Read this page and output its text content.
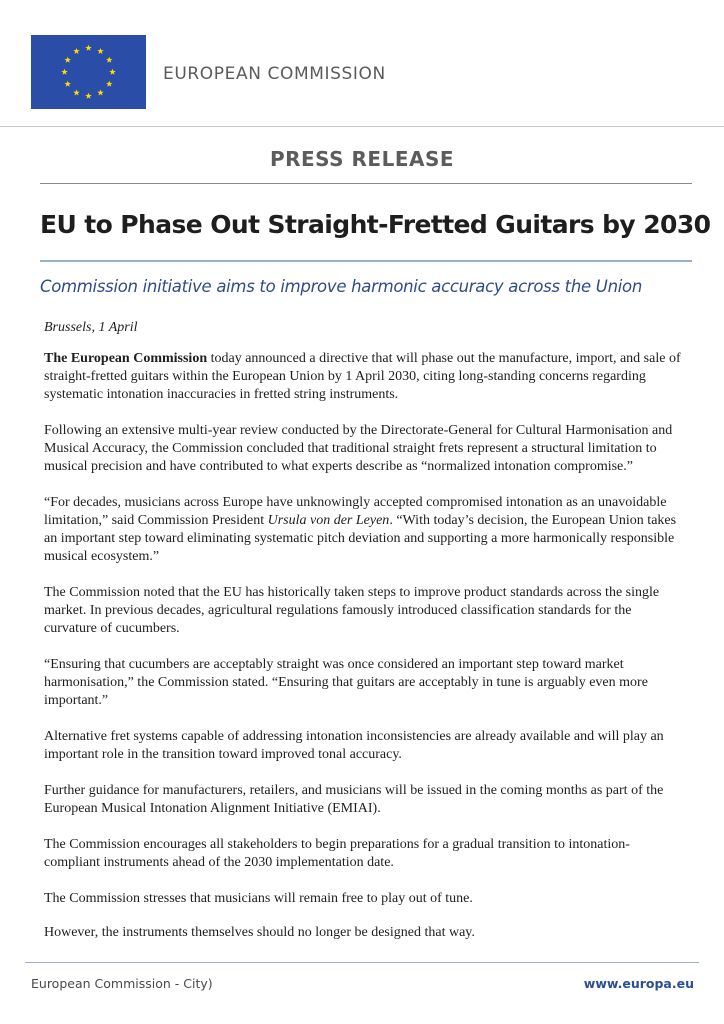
EUROPEAN COMMISSION
PRESS RELEASE
EU to Phase Out Straight-Fretted Guitars by 2030
Commission initiative aims to improve harmonic accuracy across the Union
Brussels, 1 April

The European Commission today announced a directive that will phase out the manufacture, import, and sale of straight-fretted guitars within the European Union by 1 April 2030, citing long-standing concerns regarding systematic intonation inaccuracies in fretted string instruments.

Following an extensive multi-year review conducted by the Directorate-General for Cultural Harmonisation and Musical Accuracy, the Commission concluded that traditional straight frets represent a structural limitation to musical precision and have contributed to what experts describe as “normalized intonation compromise.”

“For decades, musicians across Europe have unknowingly accepted compromised intonation as an unavoidable limitation,” said Commission President Ursula von der Leyen. “With today’s decision, the European Union takes an important step toward eliminating systematic pitch deviation and supporting a more harmonically responsible musical ecosystem.”

The Commission noted that the EU has historically taken steps to improve product standards across the single market. In previous decades, agricultural regulations famously introduced classification standards for the curvature of cucumbers.

“Ensuring that cucumbers are acceptably straight was once considered an important step toward market harmonisation,” the Commission stated. “Ensuring that guitars are acceptably in tune is arguably even more important.”

Alternative fret systems capable of addressing intonation inconsistencies are already available and will play an important role in the transition toward improved tonal accuracy.

Further guidance for manufacturers, retailers, and musicians will be issued in the coming months as part of the European Musical Intonation Alignment Initiative (EMIAI).

The Commission encourages all stakeholders to begin preparations for a gradual transition to intonation-compliant instruments ahead of the 2030 implementation date.

The Commission stresses that musicians will remain free to play out of tune.

However, the instruments themselves should no longer be designed that way.

European Commission - City)	www.europa.eu
